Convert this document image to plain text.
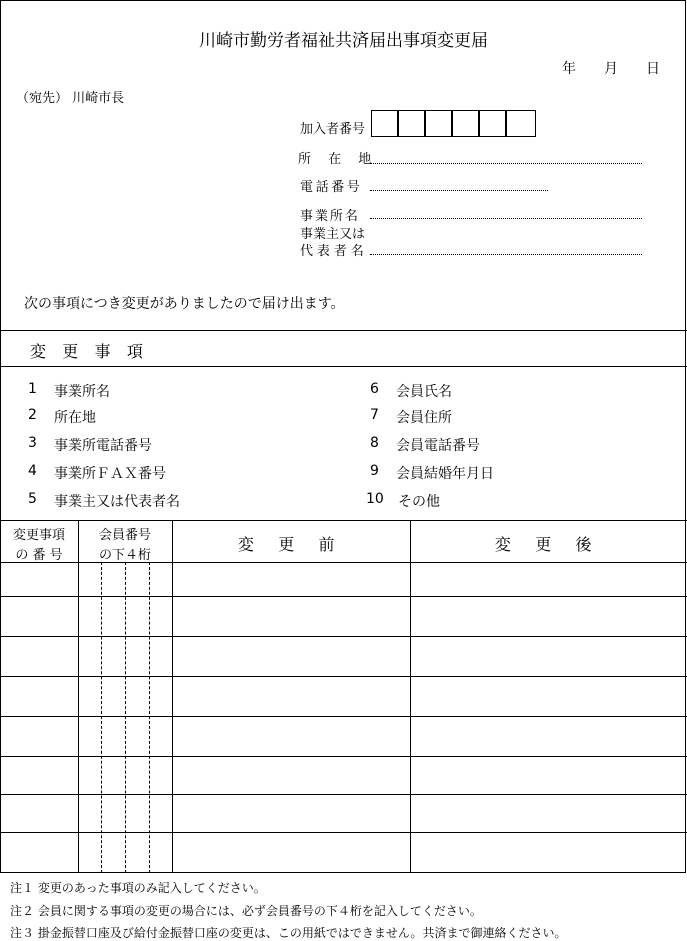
川崎市勤労者福祉共済届出事項変更届
年 月 日
（宛先） 川崎市長
加入者番号
所 在 地
電話番号
事業所名
事業主又は
代表者名
次の事項につき変更がありましたので届け出ます。
変 更 事 項
1 事業所名
2 所在地
3 事業所電話番号
4 事業所ＦＡＸ番号
5 事業主又は代表者名
6 会員氏名
7 会員住所
8 会員電話番号
9 会員結婚年月日
10 その他
変更事項
の 番 号
会員番号
の下４桁
変 更 前	変 更 後
注１ 変更のあった事項のみ記入してください。
注２ 会員に関する事項の変更の場合には、必ず会員番号の下４桁を記入してください。
注３ 掛金振替口座及び給付金振替口座の変更は、この用紙ではできません。共済まで御連絡ください。
